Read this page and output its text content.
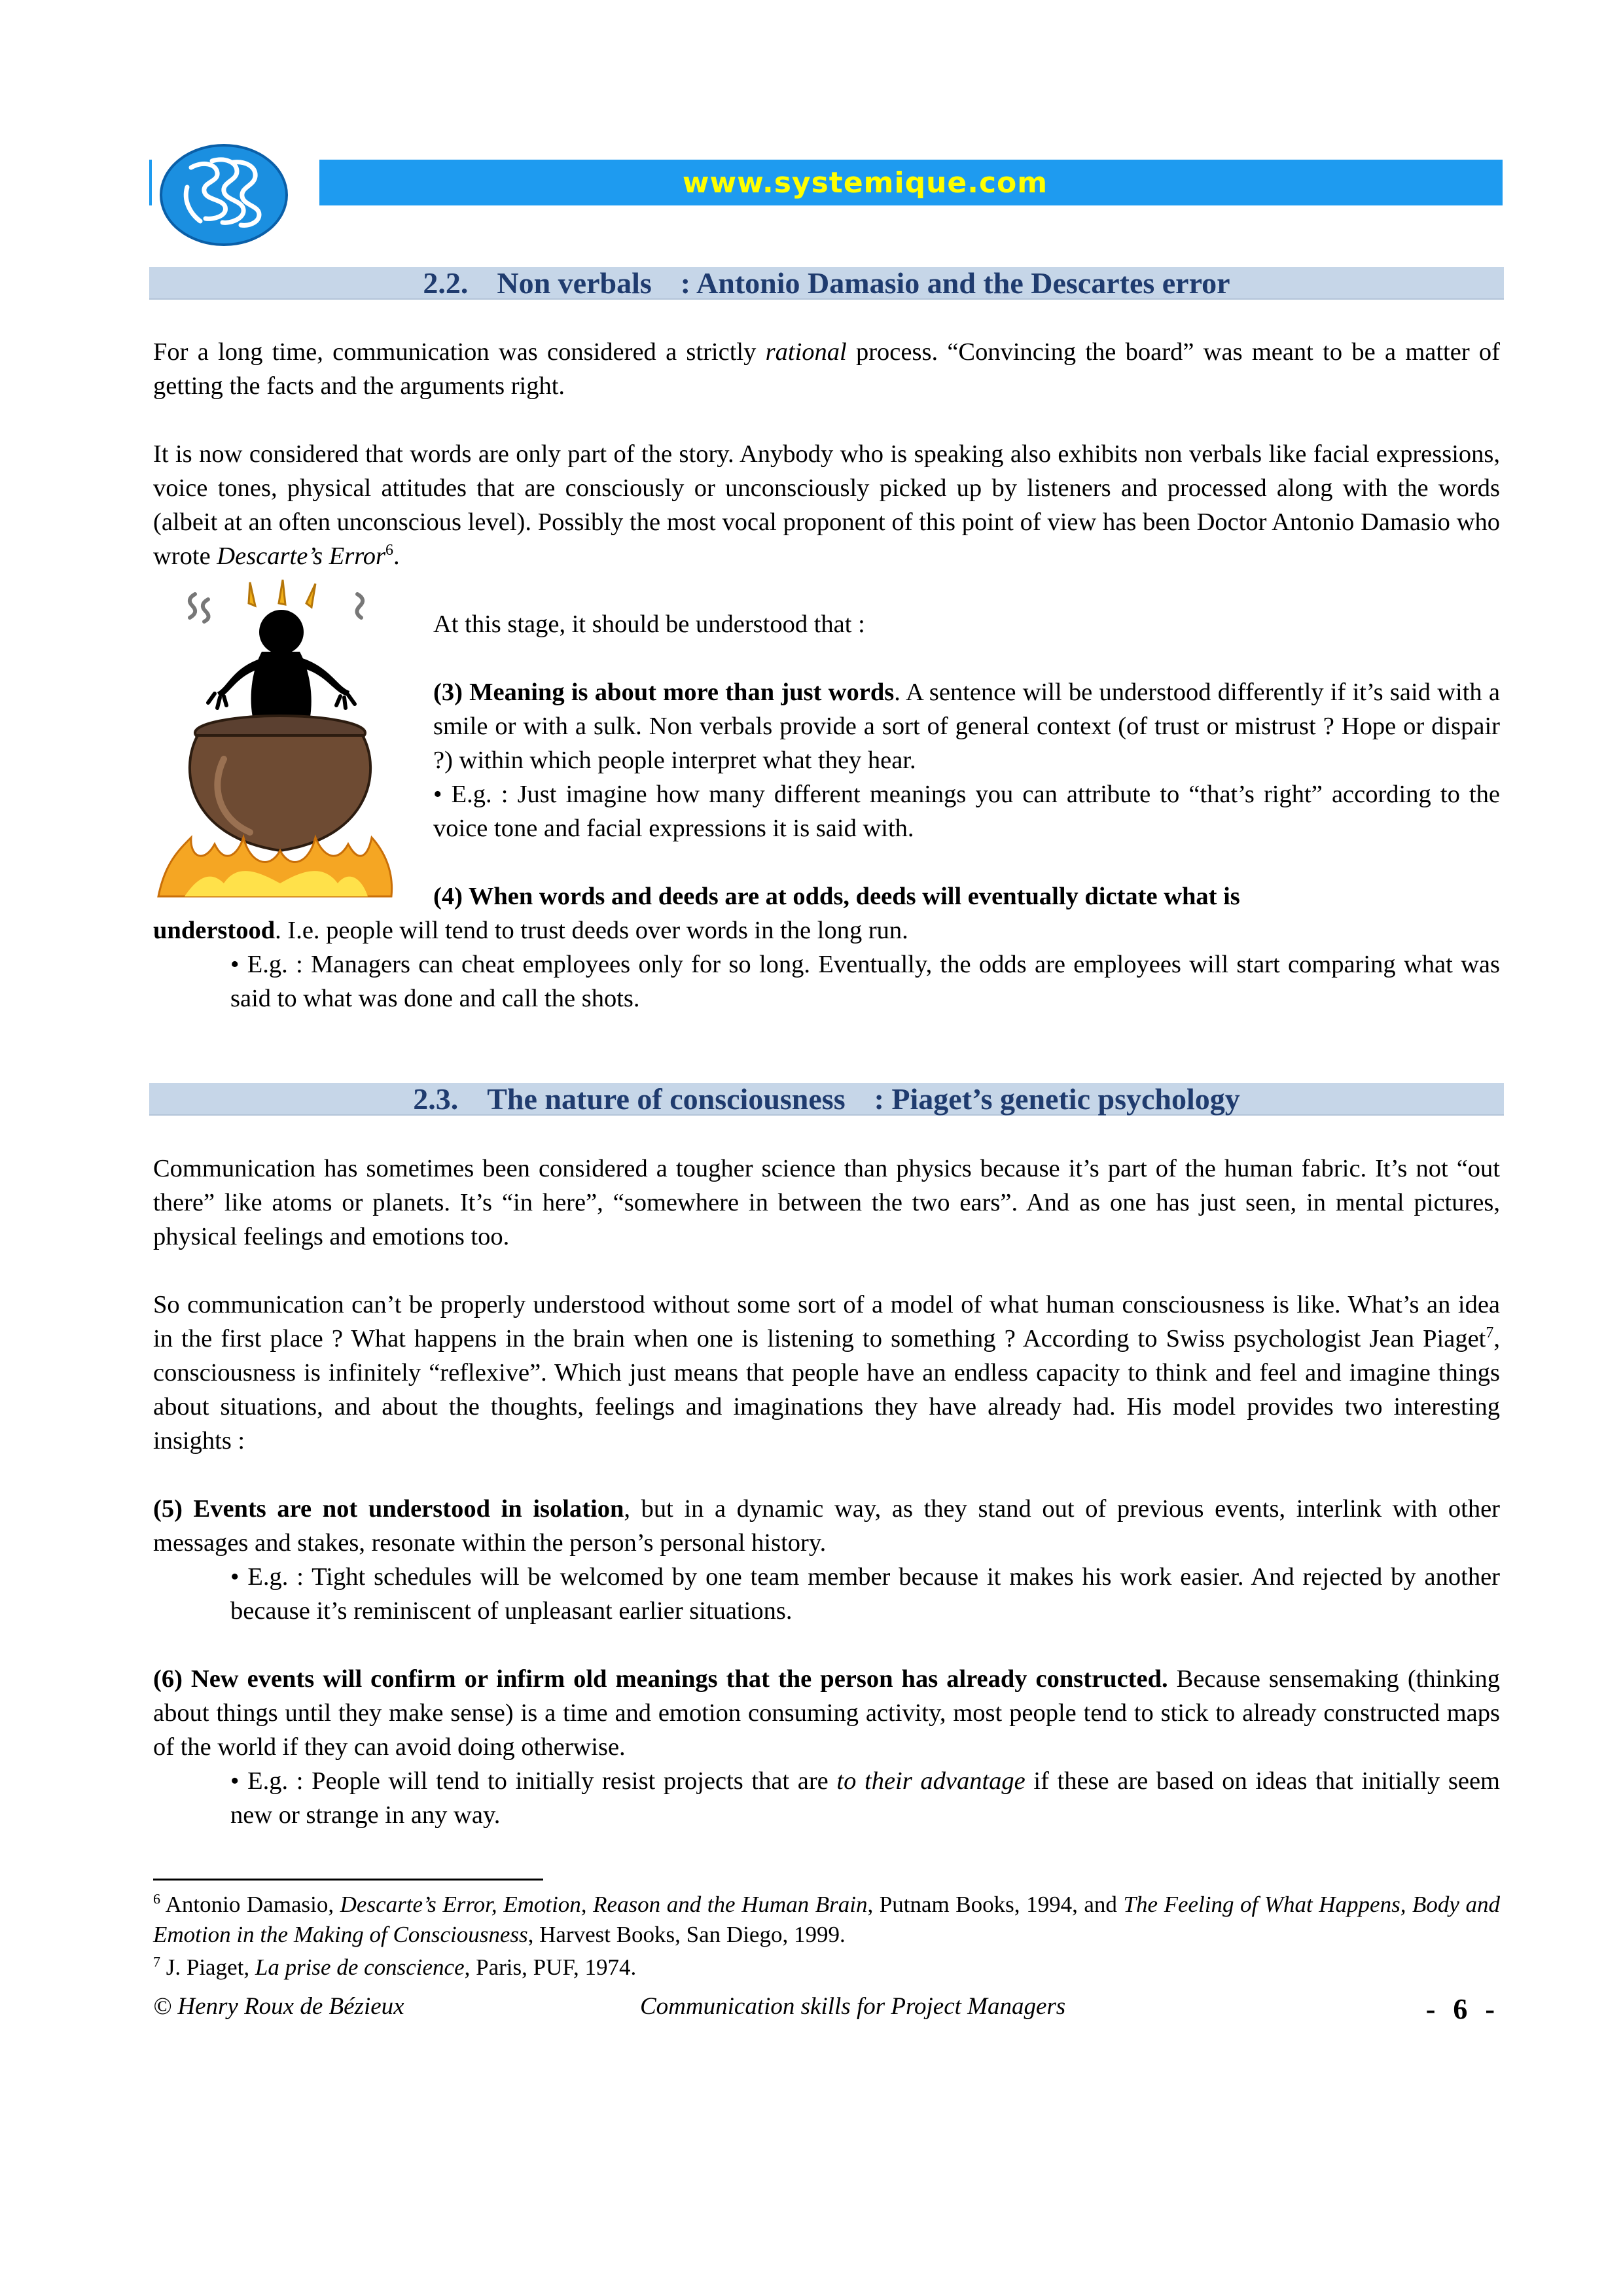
www.systemique.com
2.2. Non verbals : Antonio Damasio and the Descartes error

For a long time, communication was considered a strictly rational process. “Convincing the board” was meant to be a matter of getting the facts and the arguments right.

It is now considered that words are only part of the story. Anybody who is speaking also exhibits non verbals like facial expressions, voice tones, physical attitudes that are consciously or unconsciously picked up by listeners and processed along with the words (albeit at an often unconscious level). Possibly the most vocal proponent of this point of view has been Doctor Antonio Damasio who wrote Descarte’s Error$^6$.

At this stage, it should be understood that :

(3) Meaning is about more than just words. A sentence will be understood differently if it’s said with a smile or with a sulk. Non verbals provide a sort of general context (of trust or mistrust ? Hope or dispair ?) within which people interpret what they hear.
• E.g. : Just imagine how many different meanings you can attribute to “that’s right” according to the voice tone and facial expressions it is said with.

(4) When words and deeds are at odds, deeds will eventually dictate what is

understood. I.e. people will tend to trust deeds over words in the long run.

• E.g. : Managers can cheat employees only for so long. Eventually, the odds are employees will start comparing what was said to what was done and call the shots.

2.3. The nature of consciousness : Piaget’s genetic psychology

Communication has sometimes been considered a tougher science than physics because it’s part of the human fabric. It’s not “out there” like atoms or planets. It’s “in here”, “somewhere in between the two ears”. And as one has just seen, in mental pictures, physical feelings and emotions too.

So communication can’t be properly understood without some sort of a model of what human consciousness is like. What’s an idea in the first place ? What happens in the brain when one is listening to something ? According to Swiss psychologist Jean Piaget$^7$, consciousness is infinitely “reflexive”. Which just means that people have an endless capacity to think and feel and imagine things about situations, and about the thoughts, feelings and imaginations they have already had. His model provides two interesting insights :

(5) Events are not understood in isolation, but in a dynamic way, as they stand out of previous events, interlink with other messages and stakes, resonate within the person’s personal history.

• E.g. : Tight schedules will be welcomed by one team member because it makes his work easier. And rejected by another because it’s reminiscent of unpleasant earlier situations.

(6) New events will confirm or infirm old meanings that the person has already constructed. Because sensemaking (thinking about things until they make sense) is a time and emotion consuming activity, most people tend to stick to already constructed maps of the world if they can avoid doing otherwise.

• E.g. : People will tend to initially resist projects that are to their advantage if these are based on ideas that initially seem new or strange in any way.

$^6$ Antonio Damasio, Descarte’s Error, Emotion, Reason and the Human Brain, Putnam Books, 1994, and The Feeling of What Happens, Body and Emotion in the Making of Consciousness, Harvest Books, San Diego, 1999.

$^7$ J. Piaget, La prise de conscience, Paris, PUF, 1974.

© Henry Roux de Bézieux	Communication skills for Project Managers	- 6 -
